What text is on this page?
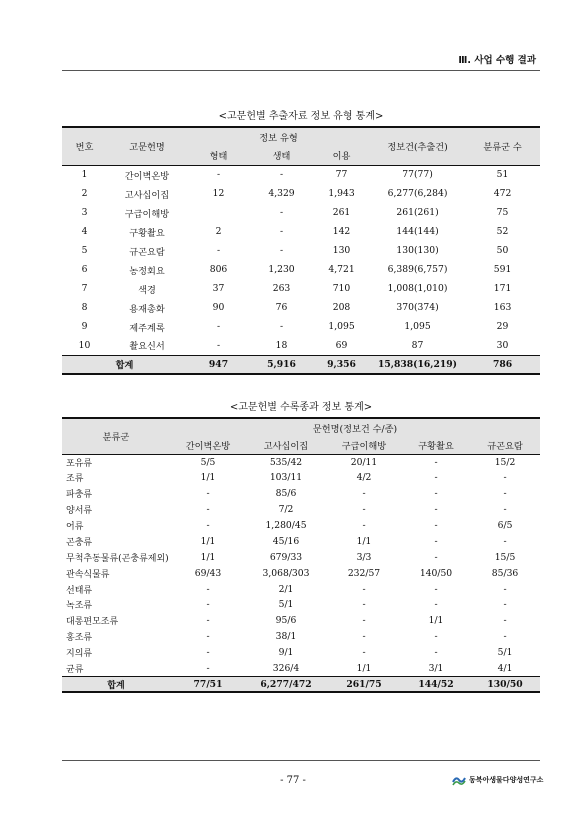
Ⅲ. 사업 수행 결과
<고문헌별 추출자료 정보 유형 통계>
번호	고문헌명	정보 유형			정보건(추출건)	분류군 수
		형태	생태	이용		
1	간이벽온방	-	-	77	77(77)	51
2	고사십이집	12	4,329	1,943	6,277(6,284)	472
3	구급이해방		-	261	261(261)	75
4	구황촬요	2	-	142	144(144)	52
5	규곤요람	-	-	130	130(130)	50
6	농정회요	806	1,230	4,721	6,389(6,757)	591
7	색경	37	263	710	1,008(1,010)	171
8	용재총화	90	76	208	370(374)	163
9	제주계록	-	-	1,095	1,095	29
10	촬요신서	-	18	69	87	30
합계		947	5,916	9,356	15,838(16,219)	786
<고문헌별 수록종과 정보 통계>
분류군	문헌명(정보건 수/종)				
	간이벽온방	고사십이집	구급이해방	구황촬요	규곤요람
포유류	5/5	535/42	20/11	-	15/2
조류	1/1	103/11	4/2	-	-
파충류	-	85/6	-	-	-
양서류	-	7/2	-	-	-
어류	-	1,280/45	-	-	6/5
곤충류	1/1	45/16	1/1	-	-
무척추동물류(곤충류제외)	1/1	679/33	3/3	-	15/5
관속식물류	69/43	3,068/303	232/57	140/50	85/36
선태류	-	2/1	-	-	-
녹조류	-	5/1	-	-	-
대롱편모조류	-	95/6	-	1/1	-
홍조류	-	38/1	-	-	-
지의류	-	9/1	-	-	5/1
균류	-	326/4	1/1	3/1	4/1
합계	77/51	6,277/472	261/75	144/52	130/50
- 77 -	동북아생물다양성연구소
